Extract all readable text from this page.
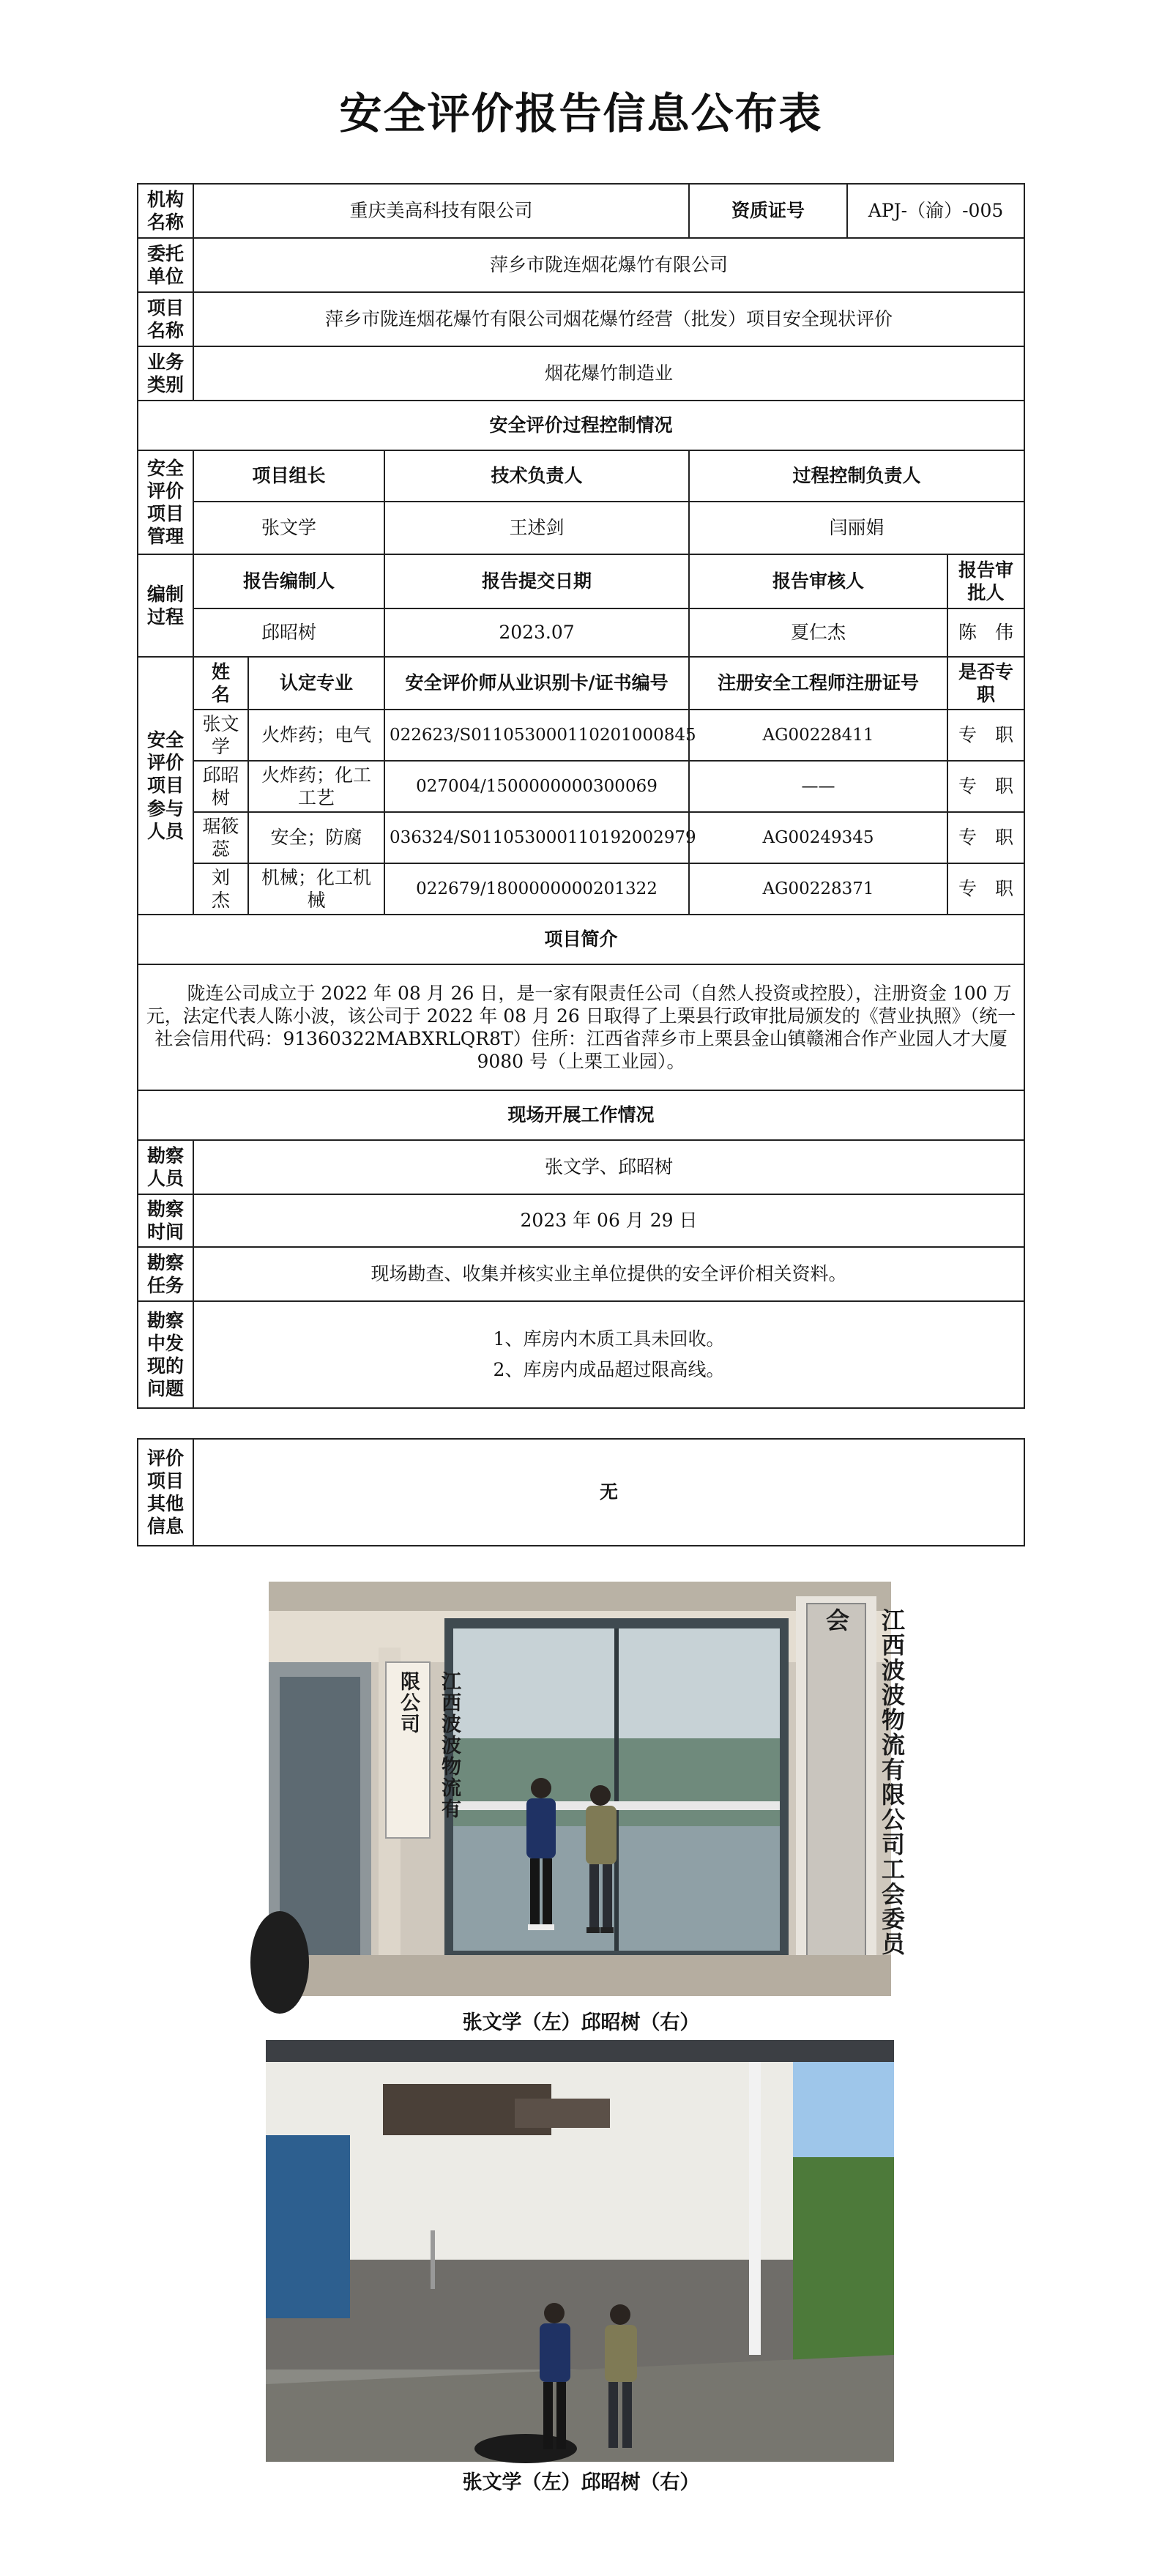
安全评价报告信息公布表
机构名称	重庆美高科技有限公司			资质证号	APJ-（渝）-005	
委托单位	萍乡市陇连烟花爆竹有限公司					
项目名称	萍乡市陇连烟花爆竹有限公司烟花爆竹经营（批发）项目安全现状评价					
业务类别	烟花爆竹制造业					
安全评价过程控制情况						
安全评价项目管理	项目组长		技术负责人	过程控制负责人		
	张文学		王述剑	闫丽娟		
编制过程	报告编制人		报告提交日期	报告审核人		报告审批人
	邱昭树		2023.07	夏仁杰		陈　伟
安全评价项目参与人员	姓　名	认定专业	安全评价师从业识别卡/证书编号	注册安全工程师注册证号		是否专职
	张文学	火炸药；电气	022623/S011053000110201000845	AG00228411		专　职
	邱昭树	火炸药；化工工艺	027004/1500000000300069	——		专　职
	琚筱蕊	安全；防腐	036324/S011053000110192002979	AG00249345		专　职
	刘　杰	机械；化工机械	022679/1800000000201322	AG00228371		专　职
项目简介						

陇连公司成立于 2022 年 08 月 26 日，是一家有限责任公司（自然人投资或控股），注册资金 100 万元，法定代表人陈小波，该公司于 2022 年 08 月 26 日取得了上栗县行政审批局颁发的《营业执照》（统一社会信用代码：91360322MABXRLQR8T）住所：江西省萍乡市上栗县金山镇赣湘合作产业园人才大厦 9080 号（上栗工业园）。						

现场开展工作情况						
勘察人员	张文学、邱昭树					
勘察时间	2023 年 06 月 29 日					
勘察任务	现场勘查、收集并核实业主单位提供的安全评价相关资料。					
勘察中发现的问题	1、库房内木质工具未回收。
2、库房内成品超过限高线。					
评价项目其他信息	无
江西波波物流有限公司	江西波波物流有限公司工会委员会
张文学（左）邱昭树（右）
张文学（左）邱昭树（右）
